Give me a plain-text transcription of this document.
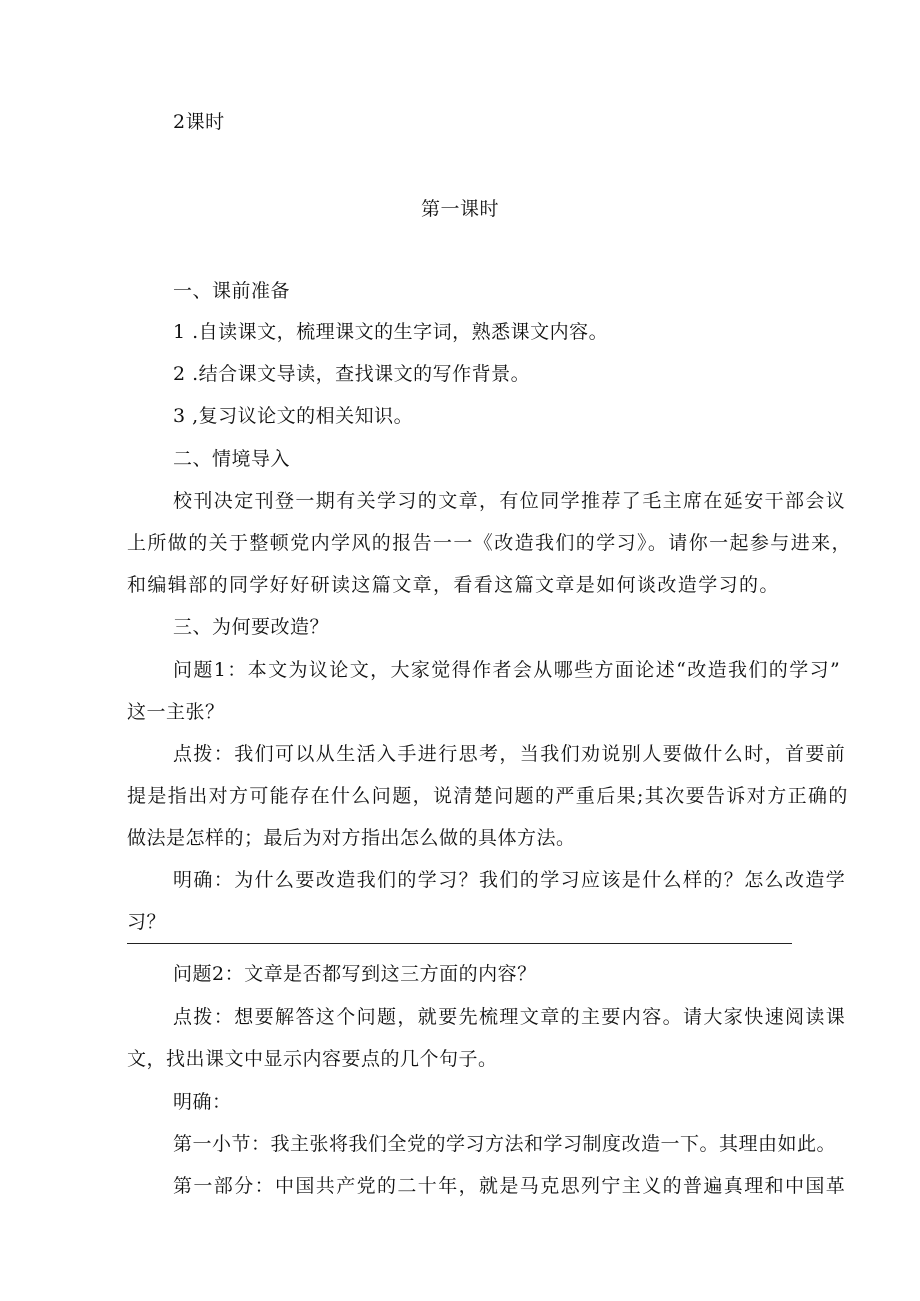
2课时
第一课时
一、课前准备
1 .自读课文，梳理课文的生字词，熟悉课文内容。
2 .结合课文导读，查找课文的写作背景。
3 ,复习议论文的相关知识。
二、情境导入
校刊决定刊登一期有关学习的文章，有位同学推荐了毛主席在延安干部会议
上所做的关于整顿党内学风的报告一一《改造我们的学习》。请你一起参与进来，
和编辑部的同学好好研读这篇文章，看看这篇文章是如何谈改造学习的。
三、为何要改造？
问题1：本文为议论文，大家觉得作者会从哪些方面论述“改造我们的学习”
这一主张？
点拨：我们可以从生活入手进行思考，当我们劝说别人要做什么时，首要前
提是指出对方可能存在什么问题，说清楚问题的严重后果;其次要告诉对方正确的
做法是怎样的；最后为对方指出怎么做的具体方法。
明确：为什么要改造我们的学习？我们的学习应该是什么样的？怎么改造学
习？
问题2：文章是否都写到这三方面的内容？
点拨：想要解答这个问题，就要先梳理文章的主要内容。请大家快速阅读课
文，找出课文中显示内容要点的几个句子。
明确：
第一小节：我主张将我们全党的学习方法和学习制度改造一下。其理由如此。
第一部分：中国共产党的二十年，就是马克思列宁主义的普遍真理和中国革
